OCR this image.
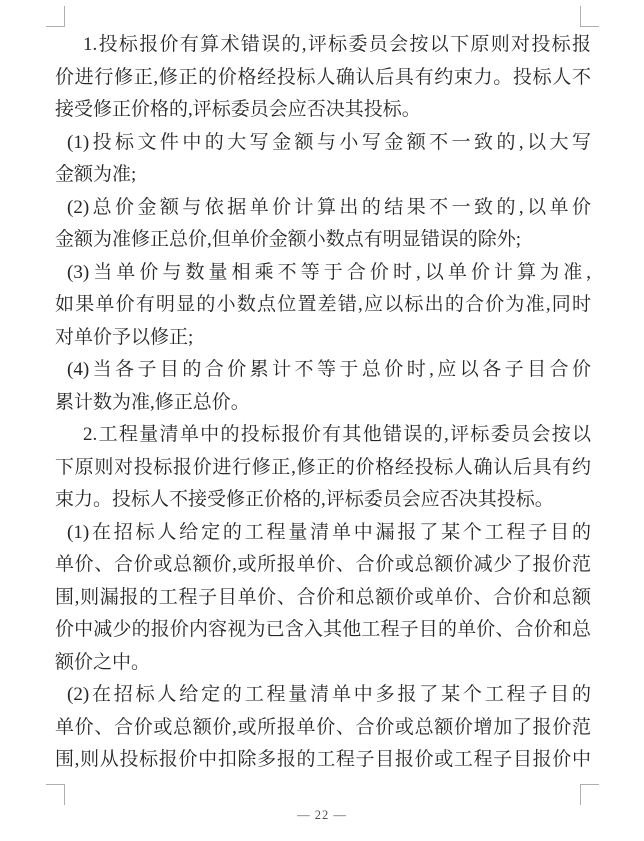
1.投标报价有算术错误的,评标委员会按以下原则对投标报
价进行修正,修正的价格经投标人确认后具有约束力。投标人不
接受修正价格的,评标委员会应否决其投标。
(1)投标文件中的大写金额与小写金额不一致的,以大写
金额为准;
(2)总价金额与依据单价计算出的结果不一致的,以单价
金额为准修正总价,但单价金额小数点有明显错误的除外;
(3)当单价与数量相乘不等于合价时,以单价计算为准,
如果单价有明显的小数点位置差错,应以标出的合价为准,同时
对单价予以修正;
(4)当各子目的合价累计不等于总价时,应以各子目合价
累计数为准,修正总价。
2.工程量清单中的投标报价有其他错误的,评标委员会按以
下原则对投标报价进行修正,修正的价格经投标人确认后具有约
束力。投标人不接受修正价格的,评标委员会应否决其投标。
(1)在招标人给定的工程量清单中漏报了某个工程子目的
单价、合价或总额价,或所报单价、合价或总额价减少了报价范
围,则漏报的工程子目单价、合价和总额价或单价、合价和总额
价中减少的报价内容视为已含入其他工程子目的单价、合价和总
额价之中。
(2)在招标人给定的工程量清单中多报了某个工程子目的
单价、合价或总额价,或所报单价、合价或总额价增加了报价范
围,则从投标报价中扣除多报的工程子目报价或工程子目报价中
— 22 —
